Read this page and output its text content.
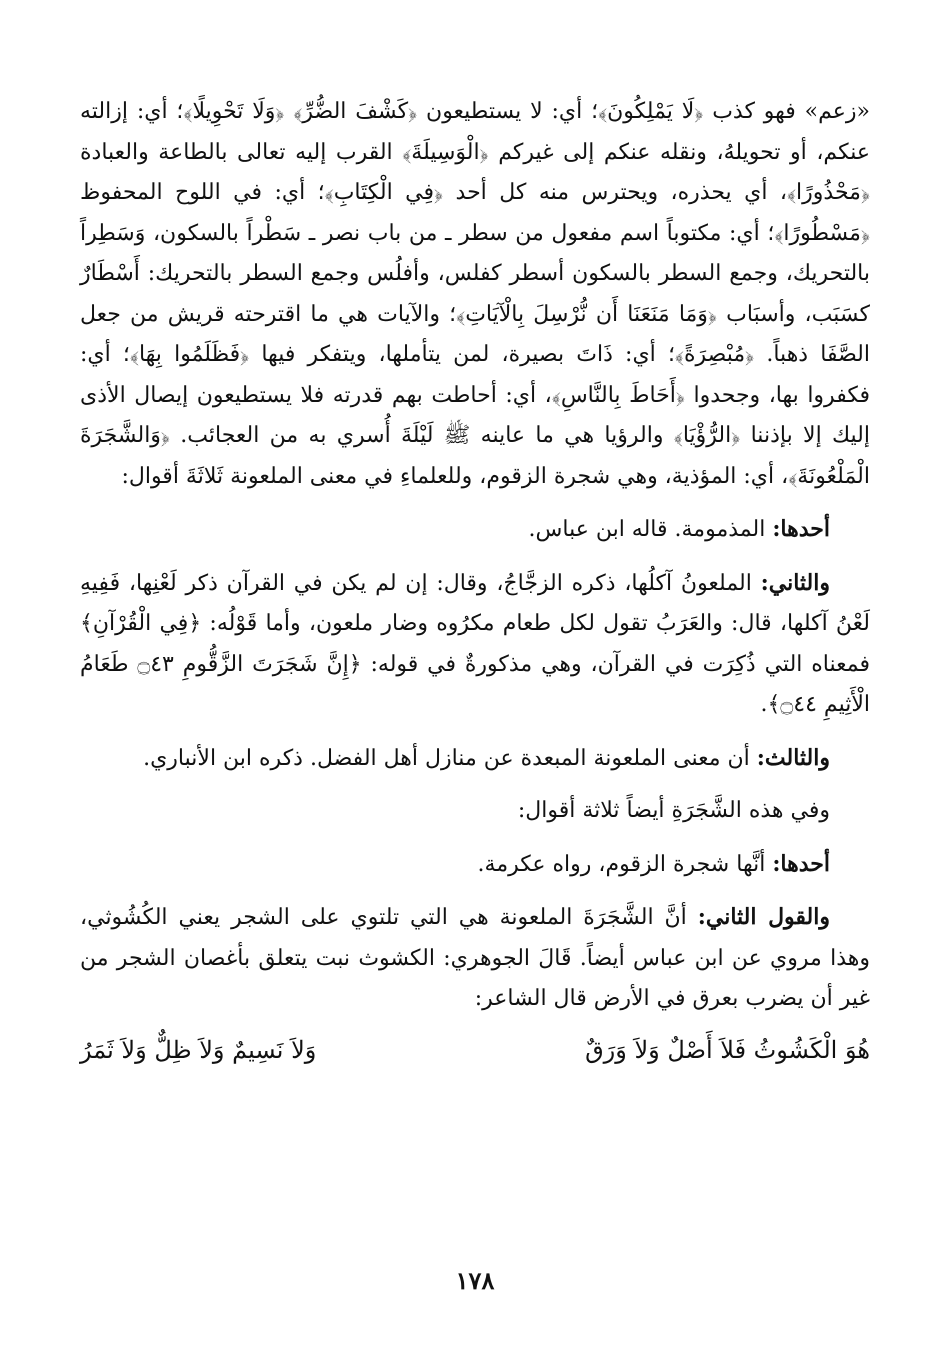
«زعم» فهو كذب ﴿لَا يَمْلِكُونَ﴾؛ أي: لا يستطيعون ﴿كَشْفَ الضُّرِّ﴾ ﴿وَلَا تَحْوِيلًا﴾؛ أي: إزالته عنكم، أو تحويلهُ، ونقله عنكم إلى غيركم ﴿الْوَسِيلَةَ﴾ القرب إليه تعالى بالطاعة والعبادة ﴿مَحْذُورًا﴾، أي يحذره، ويحترس منه كل أحد ﴿فِي الْكِتَابِ﴾؛ أي: في اللوح المحفوظ ﴿مَسْطُورًا﴾؛ أي: مكتوباً اسم مفعول من سطر ـ من باب نصر ـ سَطْراً بالسكون، وَسَطِراً بالتحريك، وجمع السطر بالسكون أسطر كفلس، وأفلُس وجمع السطر بالتحريك: أَسْطَارٌ كسَبَب، وأسبَاب ﴿وَمَا مَنَعَنَا أَن نُّرْسِلَ بِالْآيَاتِ﴾؛ والآيات هي ما اقترحته قريش من جعل الصَّفَا ذهباً. ﴿مُبْصِرَةً﴾؛ أي: ذَاتَ بصيرة، لمن يتأملها، ويتفكر فيها ﴿فَظَلَمُوا بِهَا﴾؛ أي: فكفروا بها، وجحدوا ﴿أَحَاطَ بِالنَّاسِ﴾، أي: أحاطت بهم قدرته فلا يستطيعون إيصال الأذى إليك إلا بإذننا ﴿الرُّؤْيَا﴾ والرؤيا هي ما عاينه ﷺ لَيْلَةَ أُسري به من العجائب. ﴿وَالشَّجَرَةَ الْمَلْعُونَةَ﴾، أي: المؤذية، وهي شجرة الزقوم، وللعلماءِ في معنى الملعونة ثَلاثَةَ أقوال:

أحدها: المذمومة. قاله ابن عباس.

والثاني: الملعونُ آكلُها، ذكره الزجَّاجُ، وقال: إن لم يكن في القرآن ذكر لَعْنِها، فَفِيهِ لَعْنُ آكلها، قال: والعَرَبُ تقول لكل طعام مكرُوه وضار ملعون، وأما قَوْلُه: ﴿فِي الْقُرْآنِ﴾ فمعناه التي ذُكِرَت في القرآن، وهي مذكورةٌ في قوله: ﴿إِنَّ شَجَرَتَ الزَّقُّومِ ۝٤٣ طَعَامُ الْأَثِيمِ ۝٤٤﴾.

والثالث: أن معنى الملعونة المبعدة عن منازل أهل الفضل. ذكره ابن الأنباري.

وفي هذه الشَّجَرَةِ أيضاً ثلاثة أقوال:

أحدها: أنَّها شجرة الزقوم، رواه عكرمة.

والقول الثاني: أنَّ الشَّجَرَةَ الملعونة هي التي تلتوي على الشجر يعني الكُشُوثي، وهذا مروي عن ابن عباس أيضاً. قَالَ الجوهري: الكشوث نبت يتعلق بأغصان الشجر من غير أن يضرب بعرق في الأرض قال الشاعر:

هُوَ الْكَشُوثُ فَلاَ أَصْلٌ وَلاَ وَرَقٌ
وَلاَ نَسِيمٌ وَلاَ ظِلٌّ وَلاَ ثَمَرُ
١٧٨
